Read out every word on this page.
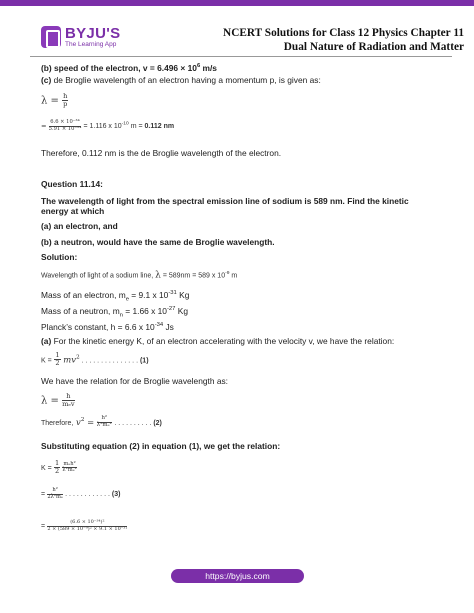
BYJU'S
The Learning App
NCERT Solutions for Class 12 Physics Chapter 11
Dual Nature of Radiation and Matter
(b) speed of the electron, $v = 6.496 \times 10^6$ m/s
(c) de Broglie wavelength of an electron having a momentum p, is given as:
$\lambda = \frac{h}{p}$
= $\frac{\text{6.6 × 10⁻³⁴}}{\text{5.91 × 10⁻²⁴}} = 1.116$ x $10^{-10}$ m = 0.112 nm
Therefore, 0.112 nm is the de Broglie wavelength of the electron.
Question 11.14:
The wavelength of light from the spectral emission line of sodium is 589 nm. Find the kinetic
energy at which
(a) an electron, and
(b) a neutron, would have the same de Broglie wavelength.
Solution:
Wavelength of light of a sodium line, λ = 589nm = 589 x $10^{-9}$ m
Mass of an electron, $m_e = 9.1$ x $10^{-31}$ Kg
Mass of a neutron, $m_n = 1.66$ x $10^{-27}$ Kg
Planck’s constant, h = 6.6 x $10^{-34}$ Js
(a) For the kinetic energy K, of an electron accelerating with the velocity v, we have the relation:
$K = \frac{1}{2} mv^2$ . . . . . . . . . . . . . . . (1)
We have the relation for de Broglie wavelength as:
$\lambda = \frac{h}{\text{mₑv}}$
Therefore, $v^2 = \frac{\text{h²}}{\text{λ²mₑ²}}$ . . . . . . . . . . (2)
Substituting equation (2) in equation (1), we get the relation:
$K = \frac{1}{2}$
$\frac{\text{mₑh²}}{\text{λ²mₑ²}}$
= $\frac{\text{h²}}{\text{2λ²mₑ}}$ . . . . . . . . . . . . (3)
= $\frac{\text{(6.6 × 10⁻³⁴)²}}{\text{2 × (589 × 10⁻⁹)² × 9.1 × 10⁻³¹}}$
https://byjus.com
